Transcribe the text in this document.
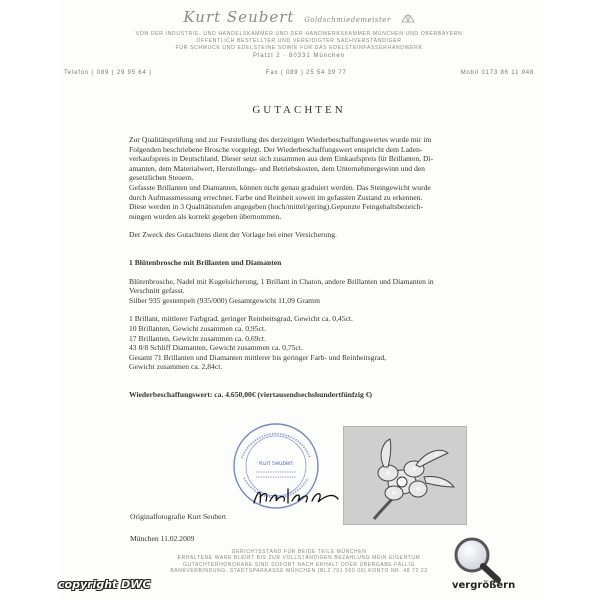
Kurt Seubert Goldschmiedemeister
VON DER INDUSTRIE- UND HANDELSKAMMER UND DER HANDWERKSKAMMER MÜNCHEN UND OBERBAYERN
ÖFFENTLICH BESTELLTER UND VEREIDIGTER SACHVERSTÄNDIGER
FÜR SCHMUCK UND EDELSTEINE SOWIE FÜR DAS EDELSTEINFASSERHANDWERK
Platzl 2 · 80331 München
Telefon ( 089 ) 29 95 64 )	Fax ( 089 ) 25 54 39 77	Mobil 0173 86 11 948
GUTACHTEN

Zur Qualitätsprüfung und zur Feststellung des derzeitigen Wiederbeschaffungswertes wurde mir im

Folgenden beschriebene Brosche vorgelegt. Der Wiederbeschaffungswert entspricht dem Laden-

verkaufspreis in Deutschland. Dieser setzt sich zusammen aus dem Einkaufspreis für Brillanten, Di-

amanten, dem Materialwert, Herstellungs- und Betriebskosten, dem Unternehmergewinn und den

gesetzlichen Steuern.

Gefasste Brillanten und Diamanten, können nicht genau graduiert werden. Das Steingewicht wurde

durch Aufmassmessung errechnet. Farbe und Reinheit soweit im gefassten Zustand zu erkennen.

Diese werden in 3 Qualitätsstufen angegeben (hoch/mittel/gering).Gepunzte Feingehaltsbezeich-

nungen wurden als korrekt gegeben übernommen.

Der Zweck des Gutachtens dient der Vorlage bei einer Versicherung.

1 Blütenbrosche mit Brillanten und Diamanten

Blütenbrosche, Nadel mit Kugelsicherung, 1 Brillant in Chaton, andere Brillanten und Diamanten in

Verschnitt gefasst.

Silber 935 gestempelt (935/000) Gesamtgewicht 11,09 Gramm

1 Brillant, mittlerer Farbgrad, geringer Reinheitsgrad, Gewicht ca. 0,45ct.

10 Brillanten, Gewicht zusammen ca. 0,95ct.

17 Brillanten, Gewicht zusammen ca. 0,69ct.

43 8/8 Schliff Diamanten, Gewicht zusammen ca. 0,75ct.

Gesamt 71 Brillanten und Diamanten mittlerer bis geringer Farb- und Reinheitsgrad,

Gewicht zusammen ca. 2,84ct.

Wiederbeschaffungswert: ca. 4.650,00€ (viertausendsechshundertfünfzig €)

Kurt Seubert
Originalfotografie Kurt Seubert
München 11.02.2009
GERICHTSSTAND FÜR BEIDE TEILE MÜNCHEN
ERHALTENE WARE BLEIBT BIS ZUR VOLLSTÄNDIGEN BEZAHLUNG MEIN EIGENTUM
GUTACHTERHONORARE SIND SOFORT NACH ERHALT ODER ÜBERGABE FÄLLIG
BANKVERBINDUNG: STADTSPARKASSE MÜNCHEN (BLZ 701 500 00) KONTO NR. 48 72 23
copyright DWC	vergrößern
